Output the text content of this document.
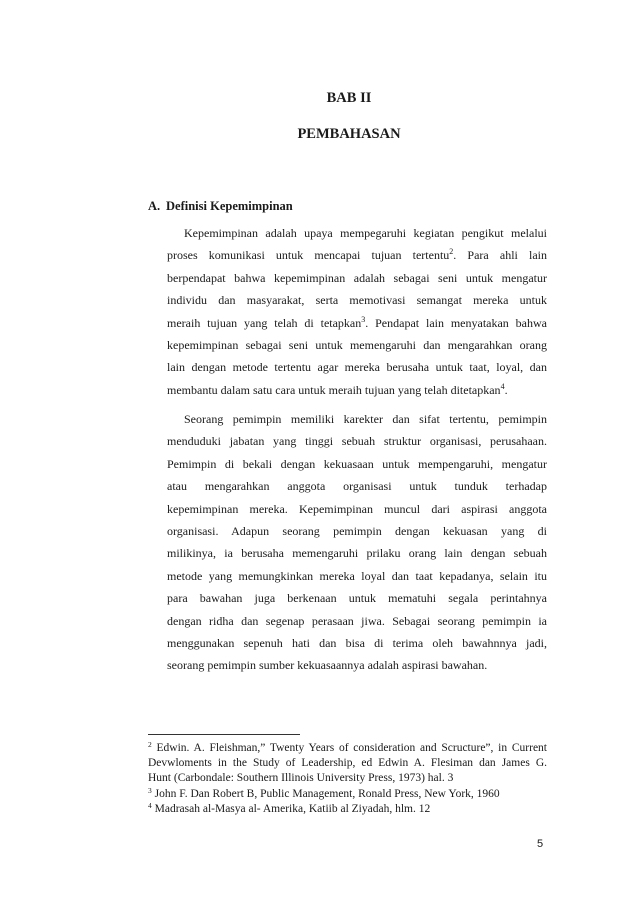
BAB II
PEMBAHASAN
A. Definisi Kepemimpinan
Kepemimpinan adalah upaya mempegaruhi kegiatan pengikut melalui
proses komunikasi untuk mencapai tujuan tertentu$^2$. Para ahli lain
berpendapat bahwa kepemimpinan adalah sebagai seni untuk mengatur
individu dan masyarakat, serta memotivasi semangat mereka untuk
meraih tujuan yang telah di tetapkan$^3$. Pendapat lain menyatakan bahwa
kepemimpinan sebagai seni untuk memengaruhi dan mengarahkan orang
lain dengan metode tertentu agar mereka berusaha untuk taat, loyal, dan
membantu dalam satu cara untuk meraih tujuan yang telah ditetapkan$^4$.
Seorang pemimpin memiliki karekter dan sifat tertentu, pemimpin
menduduki jabatan yang tinggi sebuah struktur organisasi, perusahaan.
Pemimpin di bekali dengan kekuasaan untuk mempengaruhi, mengatur
atau mengarahkan anggota organisasi untuk tunduk terhadap
kepemimpinan mereka. Kepemimpinan muncul dari aspirasi anggota
organisasi. Adapun seorang pemimpin dengan kekuasan yang di
milikinya, ia berusaha memengaruhi prilaku orang lain dengan sebuah
metode yang memungkinkan mereka loyal dan taat kepadanya, selain itu
para bawahan juga berkenaan untuk mematuhi segala perintahnya
dengan ridha dan segenap perasaan jiwa. Sebagai seorang pemimpin ia
menggunakan sepenuh hati dan bisa di terima oleh bawahnnya jadi,
seorang pemimpin sumber kekuasaannya adalah aspirasi bawahan.
$^2$ Edwin. A. Fleishman,” Twenty Years of consideration and Scructure”, in Current
Devwloments in the Study of Leadership, ed Edwin A. Flesiman dan James G.
Hunt (Carbondale: Southern Illinois University Press, 1973) hal. 3
$^3$ John F. Dan Robert B, Public Management, Ronald Press, New York, 1960
$^4$ Madrasah al-Masya al- Amerika, Katiib al Ziyadah, hlm. 12
5
